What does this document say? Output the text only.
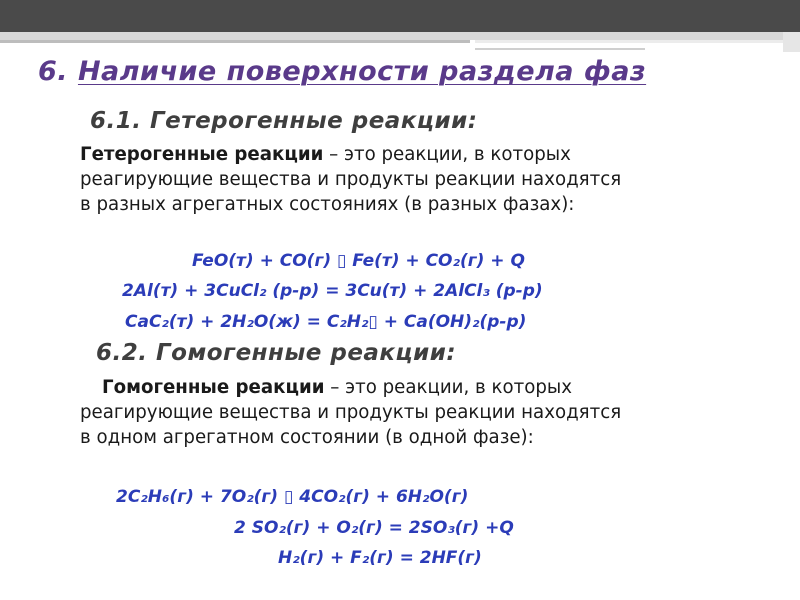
6. Наличие поверхности раздела фаз
6.1. Гетерогенные реакции:
Гетерогенные реакции – это реакции, в которых
реагирующие вещества и продукты реакции находятся
в разных агрегатных состояниях (в разных фазах):
FeO(т) + CO(г) ▯ Fe(т) + CO₂(г) + Q
2Al(т) + 3CuCl₂ (р-р) = 3Cu(т) + 2AlCl₃ (р-р)
CaC₂(т) + 2H₂O(ж) = C₂H₂▯ + Ca(OH)₂(р-р)
6.2. Гомогенные реакции:
Гомогенные реакции – это реакции, в которых
реагирующие вещества и продукты реакции находятся
в одном агрегатном состоянии (в одной фазе):
2C₂H₆(г) + 7O₂(г) ▯ 4CO₂(г) + 6H₂O(г)
2 SO₂(г) + O₂(г) = 2SO₃(г) +Q
H₂(г) + F₂(г) = 2HF(г)
